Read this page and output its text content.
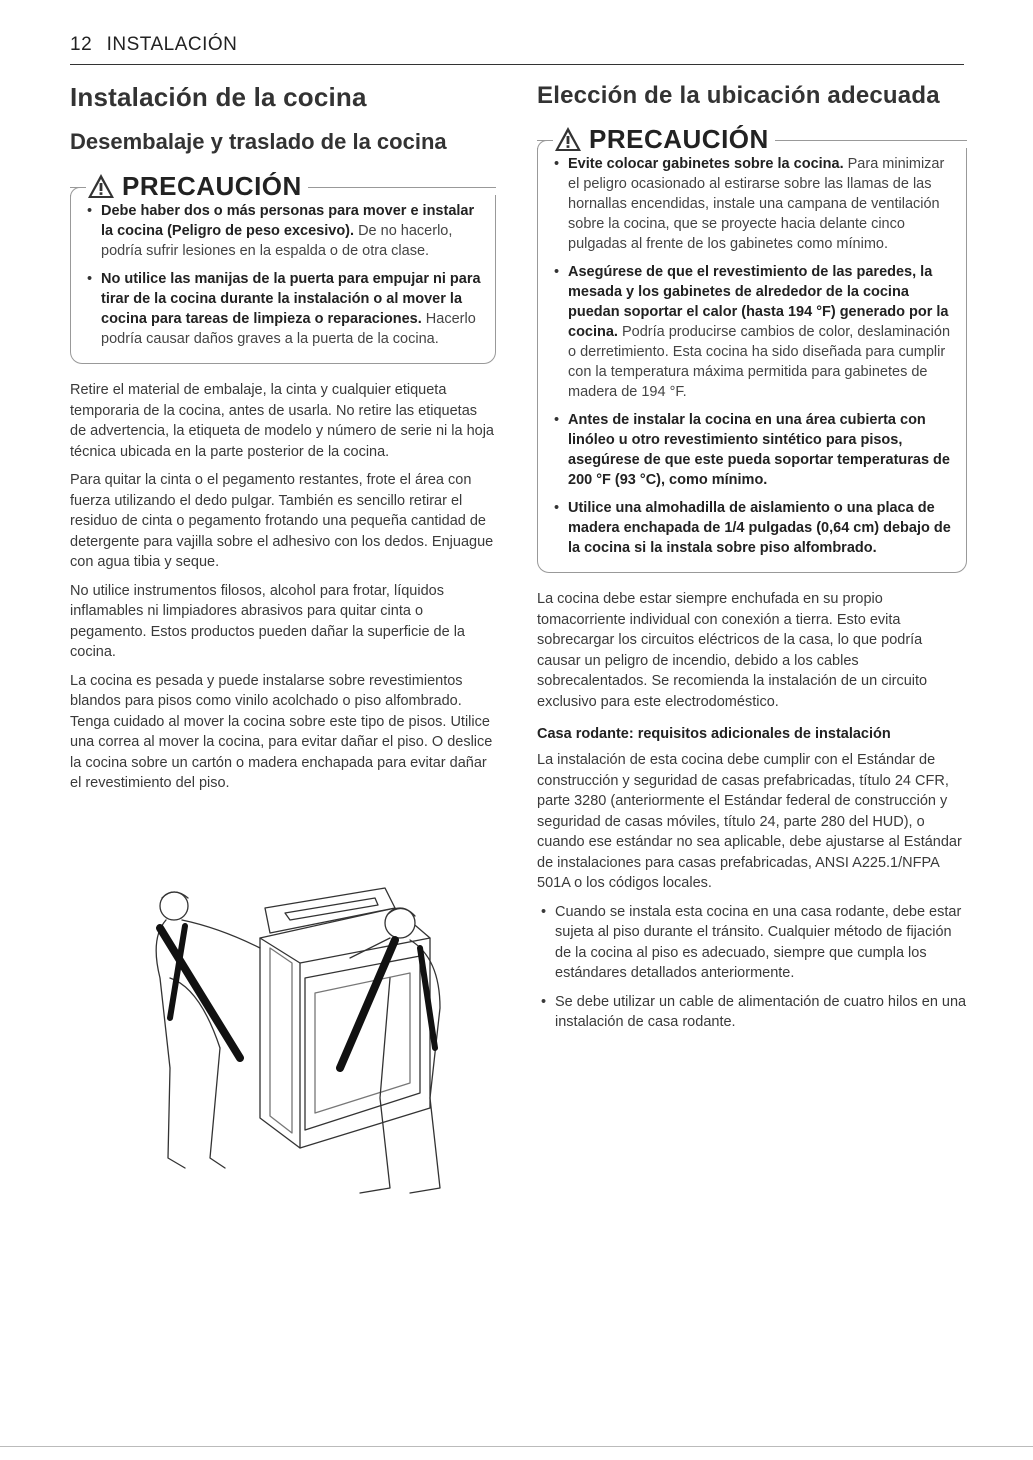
12 INSTALACIÓN
Instalación de la cocina
Desembalaje y traslado de la cocina
PRECAUCIÓN
• Debe haber dos o más personas para mover e instalar la cocina (Peligro de peso excesivo). De no hacerlo, podría sufrir lesiones en la espalda o de otra clase.
• No utilice las manijas de la puerta para empujar ni para tirar de la cocina durante la instalación o al mover la cocina para tareas de limpieza o reparaciones. Hacerlo podría causar daños graves a la puerta de la cocina.

Retire el material de embalaje, la cinta y cualquier etiqueta temporaria de la cocina, antes de usarla. No retire las etiquetas de advertencia, la etiqueta de modelo y número de serie ni la hoja técnica ubicada en la parte posterior de la cocina.

Para quitar la cinta o el pegamento restantes, frote el área con fuerza utilizando el dedo pulgar. También es sencillo retirar el residuo de cinta o pegamento frotando una pequeña cantidad de detergente para vajilla sobre el adhesivo con los dedos. Enjuague con agua tibia y seque.

No utilice instrumentos filosos, alcohol para frotar, líquidos inflamables ni limpiadores abrasivos para quitar cinta o pegamento. Estos productos pueden dañar la superficie de la cocina.

La cocina es pesada y puede instalarse sobre revestimientos blandos para pisos como vinilo acolchado o piso alfombrado. Tenga cuidado al mover la cocina sobre este tipo de pisos. Utilice una correa al mover la cocina, para evitar dañar el piso. O deslice la cocina sobre un cartón o madera enchapada para evitar dañar el revestimiento del piso.

Elección de la ubicación adecuada
PRECAUCIÓN
• Evite colocar gabinetes sobre la cocina. Para minimizar el peligro ocasionado al estirarse sobre las llamas de las hornallas encendidas, instale una campana de ventilación sobre la cocina, que se proyecte hacia delante cinco pulgadas al frente de los gabinetes como mínimo.
• Asegúrese de que el revestimiento de las paredes, la mesada y los gabinetes de alrededor de la cocina puedan soportar el calor (hasta 194 °F) generado por la cocina. Podría producirse cambios de color, deslaminación o derretimiento. Esta cocina ha sido diseñada para cumplir con la temperatura máxima permitida para gabinetes de madera de 194 °F.
• Antes de instalar la cocina en una área cubierta con linóleo u otro revestimiento sintético para pisos, asegúrese de que este pueda soportar temperaturas de 200 °F (93 °C), como mínimo.
• Utilice una almohadilla de aislamiento o una placa de madera enchapada de 1/4 pulgadas (0,64 cm) debajo de la cocina si la instala sobre piso alfombrado.

La cocina debe estar siempre enchufada en su propio tomacorriente individual con conexión a tierra. Esto evita sobrecargar los circuitos eléctricos de la casa, lo que podría causar un peligro de incendio, debido a los cables sobrecalentados. Se recomienda la instalación de un circuito exclusivo para este electrodoméstico.

Casa rodante: requisitos adicionales de instalación

La instalación de esta cocina debe cumplir con el Estándar de construcción y seguridad de casas prefabricadas, título 24 CFR, parte 3280 (anteriormente el Estándar federal de construcción y seguridad de casas móviles, título 24, parte 280 del HUD), o cuando ese estándar no sea aplicable, debe ajustarse al Estándar de instalaciones para casas prefabricadas, ANSI A225.1/NFPA 501A o los códigos locales.

• Cuando se instala esta cocina en una casa rodante, debe estar sujeta al piso durante el tránsito. Cualquier método de fijación de la cocina al piso es adecuado, siempre que cumpla los estándares detallados anteriormente.
• Se debe utilizar un cable de alimentación de cuatro hilos en una instalación de casa rodante.
